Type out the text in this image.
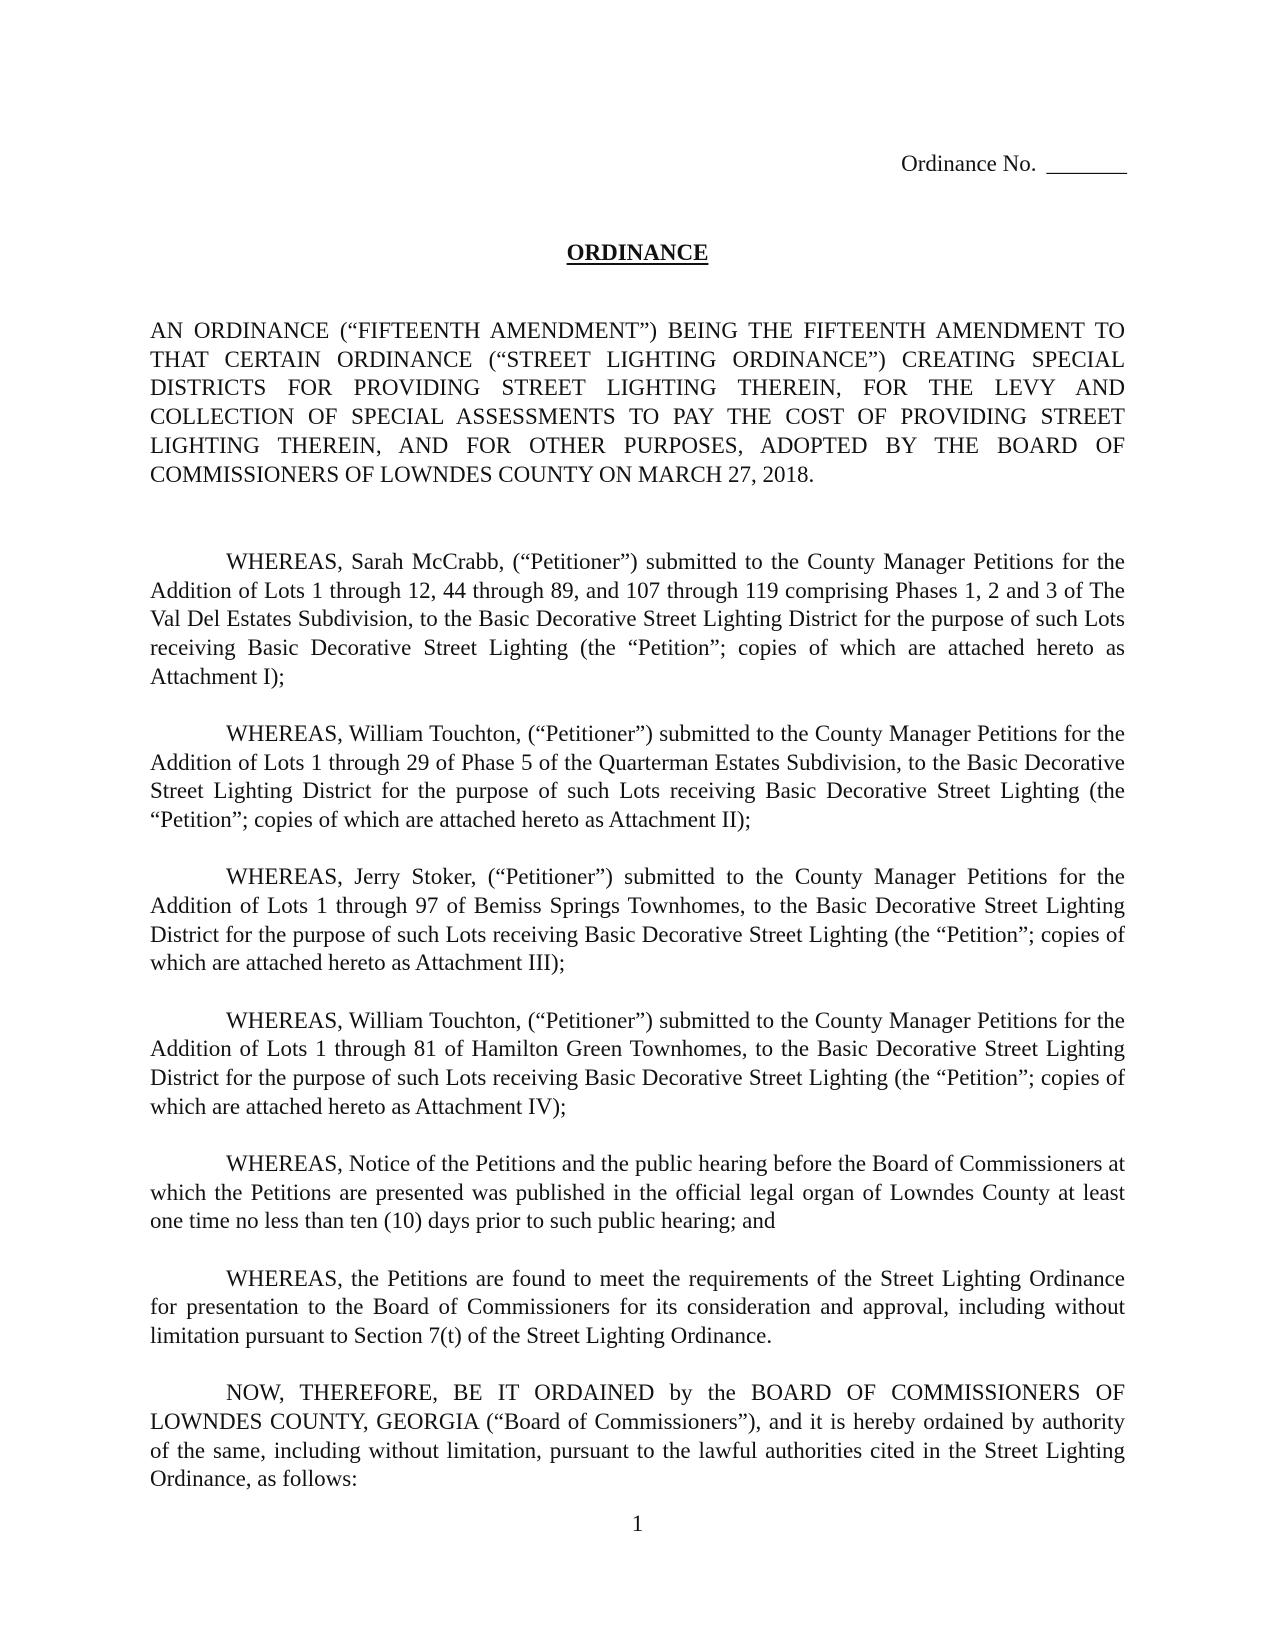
Ordinance No. _______
ORDINANCE
AN ORDINANCE (“FIFTEENTH AMENDMENT”) BEING THE FIFTEENTH AMENDMENT TO THAT CERTAIN ORDINANCE (“STREET LIGHTING ORDINANCE”) CREATING SPECIAL DISTRICTS FOR PROVIDING STREET LIGHTING THEREIN, FOR THE LEVY AND COLLECTION OF SPECIAL ASSESSMENTS TO PAY THE COST OF PROVIDING STREET LIGHTING THEREIN, AND FOR OTHER PURPOSES, ADOPTED BY THE BOARD OF COMMISSIONERS OF LOWNDES COUNTY ON MARCH 27, 2018.

WHEREAS, Sarah McCrabb, (“Petitioner”) submitted to the County Manager Petitions for the Addition of Lots 1 through 12, 44 through 89, and 107 through 119 comprising Phases 1, 2 and 3 of The Val Del Estates Subdivision, to the Basic Decorative Street Lighting District for the purpose of such Lots receiving Basic Decorative Street Lighting (the “Petition”; copies of which are attached hereto as Attachment I);

WHEREAS, William Touchton, (“Petitioner”) submitted to the County Manager Petitions for the Addition of Lots 1 through 29 of Phase 5 of the Quarterman Estates Subdivision, to the Basic Decorative Street Lighting District for the purpose of such Lots receiving Basic Decorative Street Lighting (the “Petition”; copies of which are attached hereto as Attachment II);

WHEREAS, Jerry Stoker, (“Petitioner”) submitted to the County Manager Petitions for the Addition of Lots 1 through 97 of Bemiss Springs Townhomes, to the Basic Decorative Street Lighting District for the purpose of such Lots receiving Basic Decorative Street Lighting (the “Petition”; copies of which are attached hereto as Attachment III);

WHEREAS, William Touchton, (“Petitioner”) submitted to the County Manager Petitions for the Addition of Lots 1 through 81 of Hamilton Green Townhomes, to the Basic Decorative Street Lighting District for the purpose of such Lots receiving Basic Decorative Street Lighting (the “Petition”; copies of which are attached hereto as Attachment IV);

WHEREAS, Notice of the Petitions and the public hearing before the Board of Commissioners at which the Petitions are presented was published in the official legal organ of Lowndes County at least one time no less than ten (10) days prior to such public hearing; and

WHEREAS, the Petitions are found to meet the requirements of the Street Lighting Ordinance for presentation to the Board of Commissioners for its consideration and approval, including without limitation pursuant to Section 7(t) of the Street Lighting Ordinance.

NOW, THEREFORE, BE IT ORDAINED by the BOARD OF COMMISSIONERS OF LOWNDES COUNTY, GEORGIA (“Board of Commissioners”), and it is hereby ordained by authority of the same, including without limitation, pursuant to the lawful authorities cited in the Street Lighting Ordinance, as follows:

1
